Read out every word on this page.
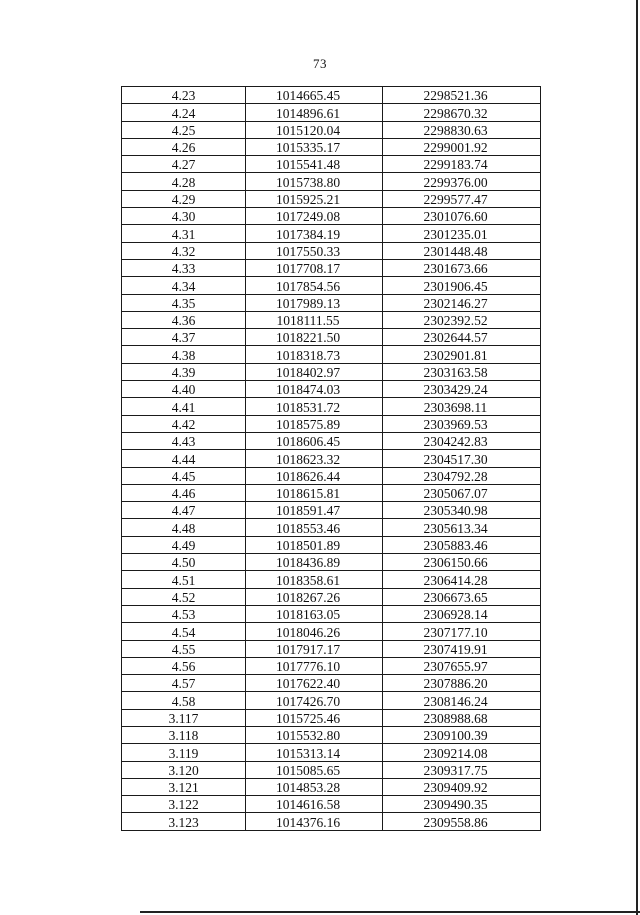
73
4.23	1014665.45	2298521.36
4.24	1014896.61	2298670.32
4.25	1015120.04	2298830.63
4.26	1015335.17	2299001.92
4.27	1015541.48	2299183.74
4.28	1015738.80	2299376.00
4.29	1015925.21	2299577.47
4.30	1017249.08	2301076.60
4.31	1017384.19	2301235.01
4.32	1017550.33	2301448.48
4.33	1017708.17	2301673.66
4.34	1017854.56	2301906.45
4.35	1017989.13	2302146.27
4.36	1018111.55	2302392.52
4.37	1018221.50	2302644.57
4.38	1018318.73	2302901.81
4.39	1018402.97	2303163.58
4.40	1018474.03	2303429.24
4.41	1018531.72	2303698.11
4.42	1018575.89	2303969.53
4.43	1018606.45	2304242.83
4.44	1018623.32	2304517.30
4.45	1018626.44	2304792.28
4.46	1018615.81	2305067.07
4.47	1018591.47	2305340.98
4.48	1018553.46	2305613.34
4.49	1018501.89	2305883.46
4.50	1018436.89	2306150.66
4.51	1018358.61	2306414.28
4.52	1018267.26	2306673.65
4.53	1018163.05	2306928.14
4.54	1018046.26	2307177.10
4.55	1017917.17	2307419.91
4.56	1017776.10	2307655.97
4.57	1017622.40	2307886.20
4.58	1017426.70	2308146.24
3.117	1015725.46	2308988.68
3.118	1015532.80	2309100.39
3.119	1015313.14	2309214.08
3.120	1015085.65	2309317.75
3.121	1014853.28	2309409.92
3.122	1014616.58	2309490.35
3.123	1014376.16	2309558.86
